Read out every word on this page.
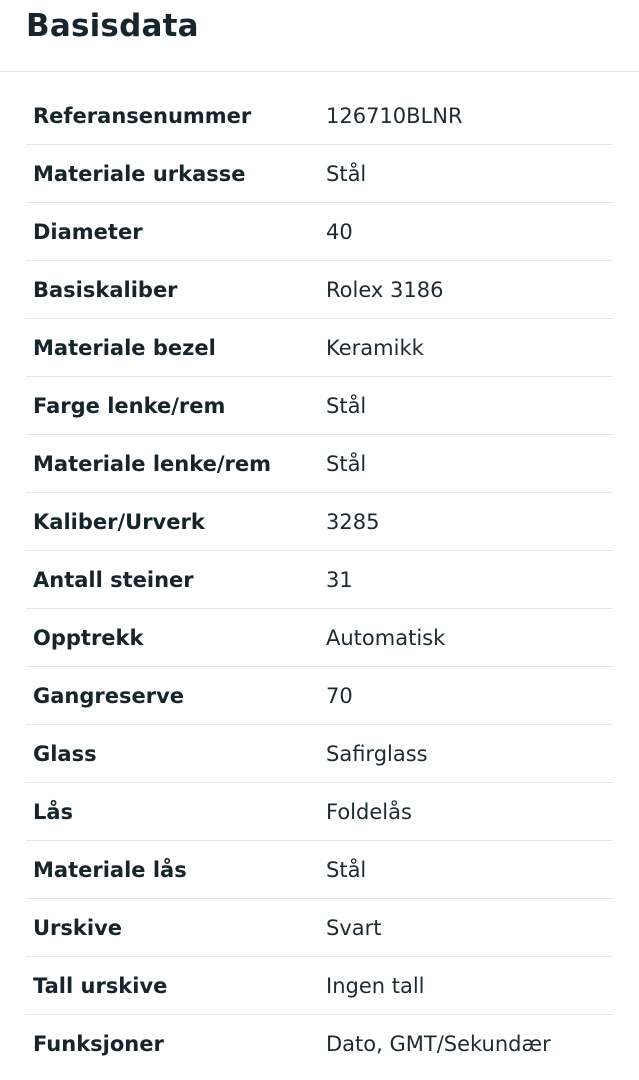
Basisdata
Referansenummer	126710BLNR
Materiale urkasse	Stål
Diameter	40
Basiskaliber	Rolex 3186
Materiale bezel	Keramikk
Farge lenke/rem	Stål
Materiale lenke/rem	Stål
Kaliber/Urverk	3285
Antall steiner	31
Opptrekk	Automatisk
Gangreserve	70
Glass	Safirglass
Lås	Foldelås
Materiale lås	Stål
Urskive	Svart
Tall urskive	Ingen tall
Funksjoner	Dato, GMT/Sekundær
